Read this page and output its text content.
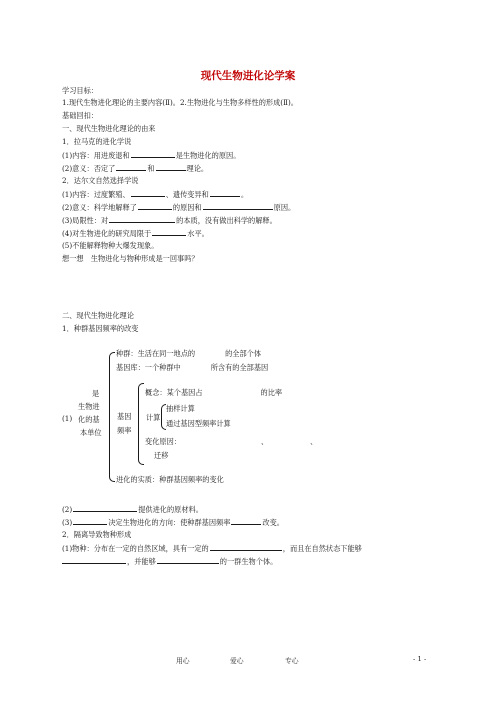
现代生物进化论学案
学习目标：
1.现代生物进化理论的主要内容(Ⅱ)。2.生物进化与生物多样性的形成(Ⅱ)。
基础回扣：
一、现代生物进化理论的由来
1．拉马克的进化学说
(1)内容：用进废退和	是生物进化的原因。
(2)意义：否定了	和	理论。
2．达尔文自然选择学说
(1)内容：过度繁殖、	、遗传变异和	。
(2)意义：科学地解释了	的原因和	原因。
(3)局限性：对	的本质，没有做出科学的解释。
(4)对生物进化的研究局限于	水平。
(5)不能解释物种大爆发现象。
想一想　生物进化与物种形成是一回事吗？
二、现代生物进化理论
1．种群基因频率的改变
(1)
是
生物进
化的基
本单位
种群：生活在同一地点的	的全部个体
基因库：一个种群中	所含有的全部基因
基因
频率
概念：某个基因占	的比率
计算
抽样计算
通过基因型频率计算
变化原因：	、	、
迁移
进化的实质：种群基因频率的变化
(2)	提供进化的原材料。
(3)	决定生物进化的方向：使种群基因频率	改变。
2．隔离导致物种形成
(1)物种：分布在一定的自然区域，具有一定的	，而且在自然状态下能够
，并能够	的一群生物个体。
用心	爱心	专心	- 1 -
